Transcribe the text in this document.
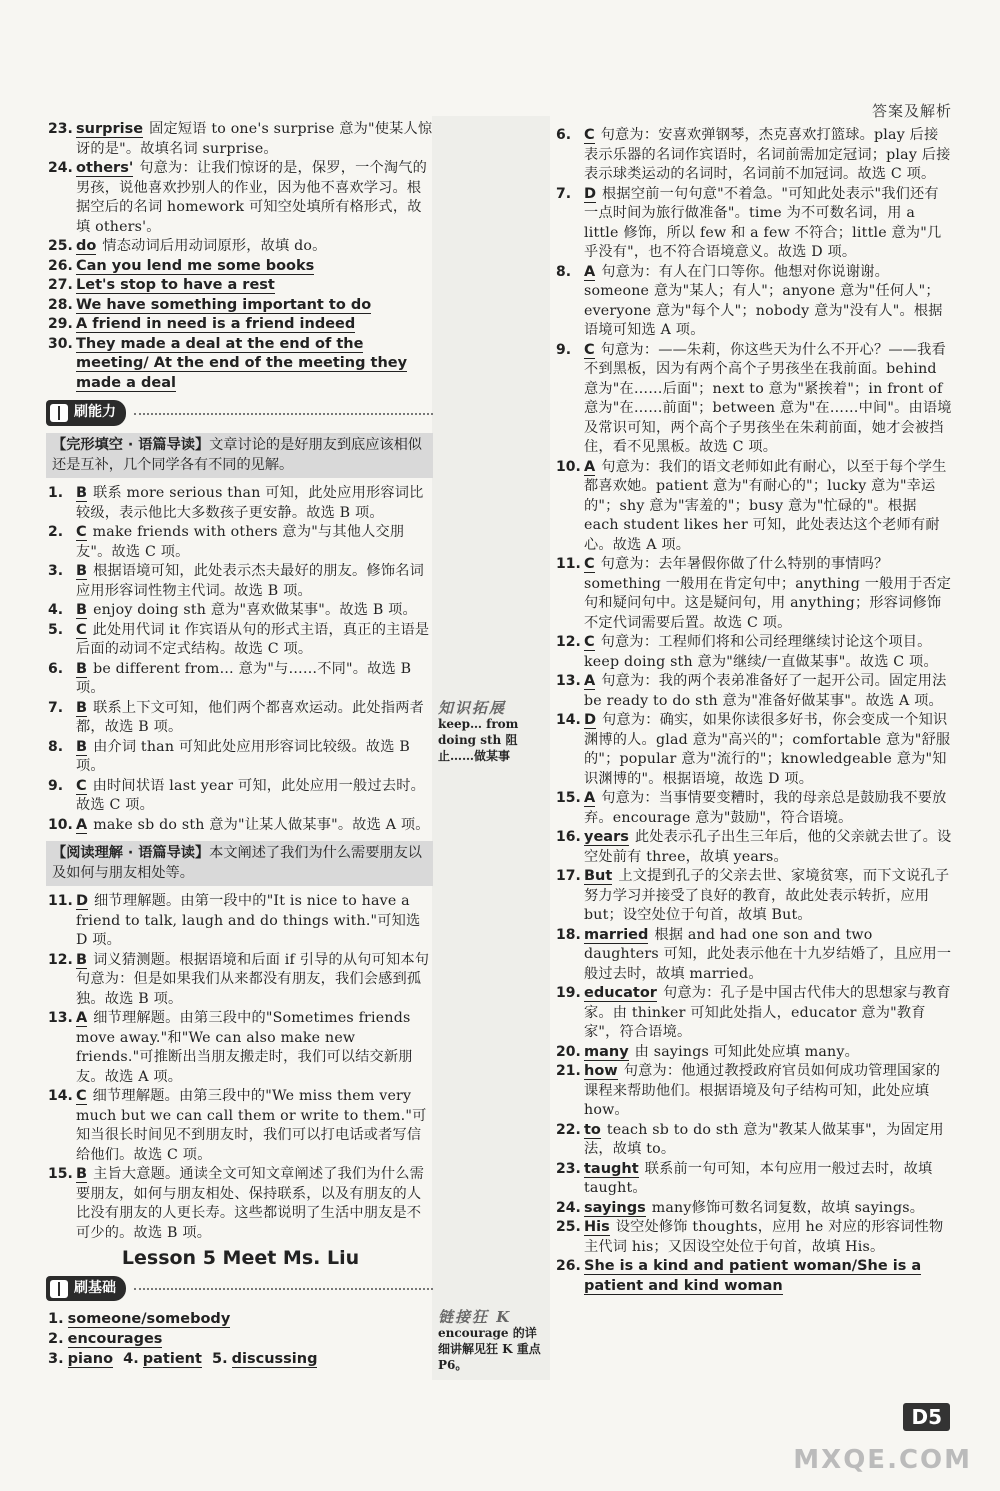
答案及解析
23. surprise 固定短语 to one's surprise 意为"使某人惊讶的是"。故填名词 surprise。
24. others' 句意为：让我们惊讶的是，保罗，一个淘气的男孩，说他喜欢抄别人的作业，因为他不喜欢学习。根据空后的名词 homework 可知空处填所有格形式，故填 others'。
25. do 情态动词后用动词原形，故填 do。
26. Can you lend me some books
27. Let's stop to have a rest
28. We have something important to do
29. A friend in need is a friend indeed
30. They made a deal at the end of the meeting/ At the end of the meeting they made a deal
刷能力
【完形填空 · 语篇导读】文章讨论的是好朋友到底应该相似还是互补，几个同学各有不同的见解。
1. B 联系 more serious than 可知，此处应用形容词比较级，表示他比大多数孩子更安静。故选 B 项。
2. C make friends with others 意为"与其他人交朋友"。故选 C 项。
3. B 根据语境可知，此处表示杰夫最好的朋友。修饰名词应用形容词性物主代词。故选 B 项。
4. B enjoy doing sth 意为"喜欢做某事"。故选 B 项。
5. C 此处用代词 it 作宾语从句的形式主语，真正的主语是后面的动词不定式结构。故选 C 项。
6. B be different from… 意为"与……不同"。故选 B 项。
7. B 联系上下文可知，他们两个都喜欢运动。此处指两者都，故选 B 项。
8. B 由介词 than 可知此处应用形容词比较级。故选 B 项。
9. C 由时间状语 last year 可知，此处应用一般过去时。故选 C 项。
10. A make sb do sth 意为"让某人做某事"。故选 A 项。
【阅读理解 · 语篇导读】本文阐述了我们为什么需要朋友以及如何与朋友相处等。
11. D 细节理解题。由第一段中的"It is nice to have a friend to talk, laugh and do things with."可知选 D 项。
12. B 词义猜测题。根据语境和后面 if 引导的从句可知本句句意为：但是如果我们从来都没有朋友，我们会感到孤独。故选 B 项。
13. A 细节理解题。由第三段中的"Sometimes friends move away."和"We can also make new friends."可推断出当朋友搬走时，我们可以结交新朋友。故选 A 项。
14. C 细节理解题。由第三段中的"We miss them very much but we can call them or write to them."可知当很长时间见不到朋友时，我们可以打电话或者写信给他们。故选 C 项。
15. B 主旨大意题。通读全文可知文章阐述了我们为什么需要朋友，如何与朋友相处、保持联系，以及有朋友的人比没有朋友的人更长寿。这些都说明了生活中朋友是不可少的。故选 B 项。
Lesson 5 Meet Ms. Liu
刷基础
1. someone/somebody
2. encourages
3. piano 4. patient 5. discussing
知识拓展
keep… from doing sth 阻止……做某事
链接狂 K
encourage 的详细讲解见狂 K 重点 P6。
6. C 句意为：安喜欢弹钢琴，杰克喜欢打篮球。play 后接表示乐器的名词作宾语时，名词前需加定冠词；play 后接表示球类运动的名词时，名词前不加冠词。故选 C 项。
7. D 根据空前一句句意"不着急。"可知此处表示"我们还有一点时间为旅行做准备"。time 为不可数名词，用 a little 修饰，所以 few 和 a few 不符合；little 意为"几乎没有"，也不符合语境意义。故选 D 项。
8. A 句意为：有人在门口等你。他想对你说谢谢。someone 意为"某人；有人"；anyone 意为"任何人"；everyone 意为"每个人"；nobody 意为"没有人"。根据语境可知选 A 项。
9. C 句意为：——朱莉，你这些天为什么不开心？——我看不到黑板，因为有两个高个子男孩坐在我前面。behind 意为"在……后面"；next to 意为"紧挨着"；in front of 意为"在……前面"；between 意为"在……中间"。由语境及常识可知，两个高个子男孩坐在朱莉前面，她才会被挡住，看不见黑板。故选 C 项。
10. A 句意为：我们的语文老师如此有耐心，以至于每个学生都喜欢她。patient 意为"有耐心的"；lucky 意为"幸运的"；shy 意为"害羞的"；busy 意为"忙碌的"。根据 each student likes her 可知，此处表达这个老师有耐心。故选 A 项。
11. C 句意为：去年暑假你做了什么特别的事情吗？something 一般用在肯定句中；anything 一般用于否定句和疑问句中。这是疑问句，用 anything；形容词修饰不定代词需要后置。故选 C 项。
12. C 句意为：工程师们将和公司经理继续讨论这个项目。keep doing sth 意为"继续/一直做某事"。故选 C 项。
13. A 句意为：我的两个表弟准备好了一起开公司。固定用法 be ready to do sth 意为"准备好做某事"。故选 A 项。
14. D 句意为：确实，如果你读很多好书，你会变成一个知识渊博的人。glad 意为"高兴的"；comfortable 意为"舒服的"；popular 意为"流行的"；knowledgeable 意为"知识渊博的"。根据语境，故选 D 项。
15. A 句意为：当事情要变糟时，我的母亲总是鼓励我不要放弃。encourage 意为"鼓励"，符合语境。
16. years 此处表示孔子出生三年后，他的父亲就去世了。设空处前有 three，故填 years。
17. But 上文提到孔子的父亲去世、家境贫寒，而下文说孔子努力学习并接受了良好的教育，故此处表示转折，应用 but；设空处位于句首，故填 But。
18. married 根据 and had one son and two daughters 可知，此处表示他在十九岁结婚了，且应用一般过去时，故填 married。
19. educator 句意为：孔子是中国古代伟大的思想家与教育家。由 thinker 可知此处指人，educator 意为"教育家"，符合语境。
20. many 由 sayings 可知此处应填 many。
21. how 句意为：他通过教授政府官员如何成功管理国家的课程来帮助他们。根据语境及句子结构可知，此处应填 how。
22. to teach sb to do sth 意为"教某人做某事"，为固定用法，故填 to。
23. taught 联系前一句可知，本句应用一般过去时，故填 taught。
24. sayings many修饰可数名词复数，故填 sayings。
25. His 设空处修饰 thoughts，应用 he 对应的形容词性物主代词 his；又因设空处位于句首，故填 His。
26. She is a kind and patient woman/She is a patient and kind woman
D5
MXQE.COM
